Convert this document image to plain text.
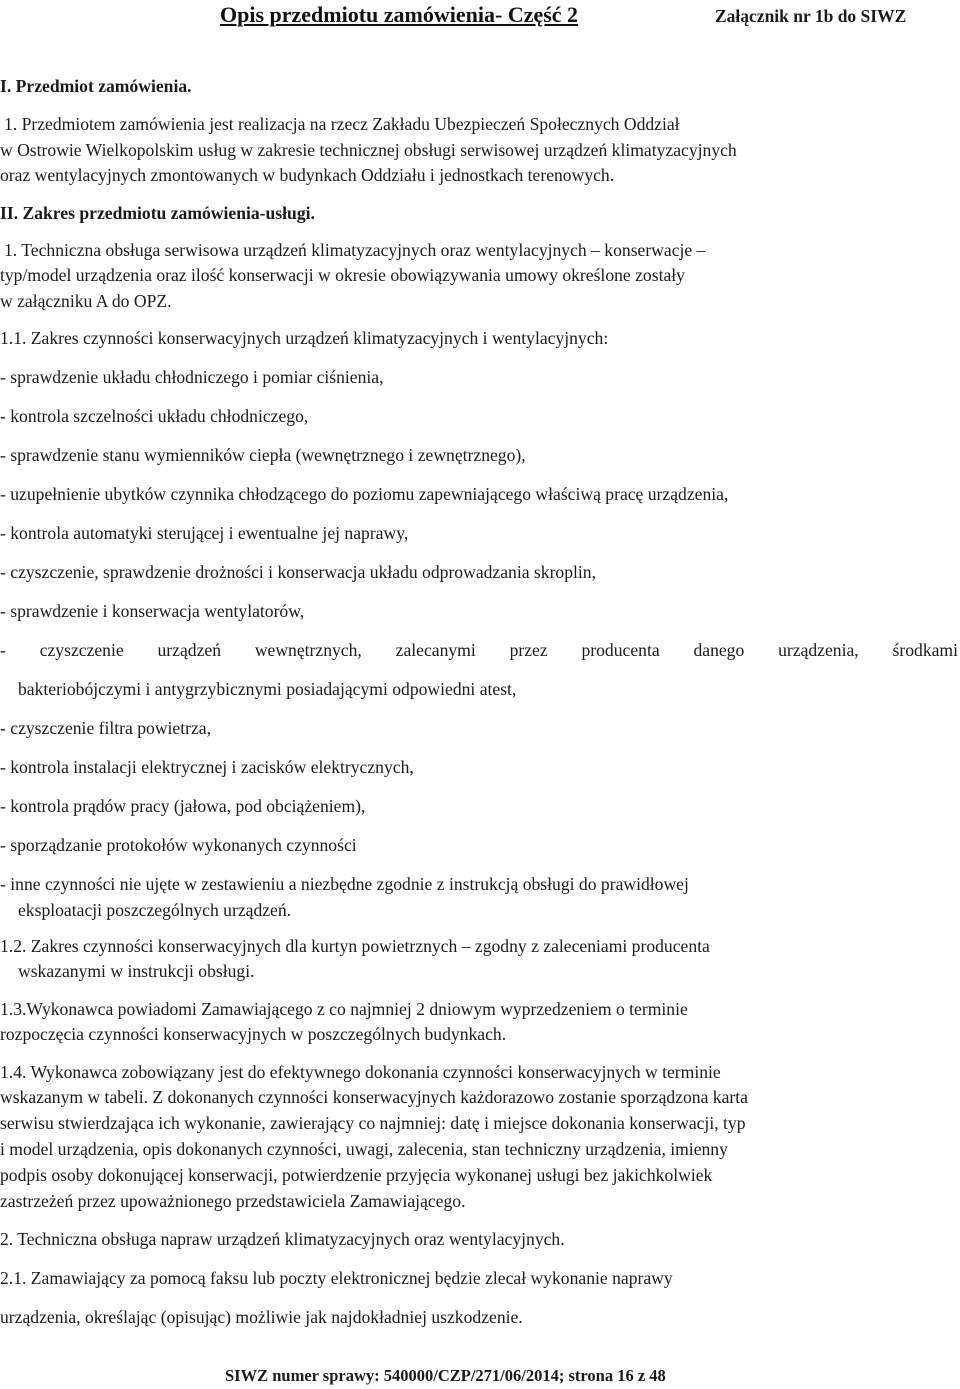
Opis przedmiotu zamówienia- Część 2	Załącznik nr 1b do SIWZ
I. Przedmiot zamówienia.
1. Przedmiotem zamówienia jest realizacja na rzecz Zakładu Ubezpieczeń Społecznych Oddział
w Ostrowie Wielkopolskim usług w zakresie technicznej obsługi serwisowej urządzeń klimatyzacyjnych
oraz wentylacyjnych zmontowanych w budynkach Oddziału i jednostkach terenowych.
II. Zakres przedmiotu zamówienia-usługi.
1. Techniczna obsługa serwisowa urządzeń klimatyzacyjnych oraz wentylacyjnych – konserwacje –
typ/model urządzenia oraz ilość konserwacji w okresie obowiązywania umowy określone zostały
w załączniku A do OPZ.
1.1. Zakres czynności konserwacyjnych urządzeń klimatyzacyjnych i wentylacyjnych:
- sprawdzenie układu chłodniczego i pomiar ciśnienia,
- kontrola szczelności układu chłodniczego,
- sprawdzenie stanu wymienników ciepła (wewnętrznego i zewnętrznego),
- uzupełnienie ubytków czynnika chłodzącego do poziomu zapewniającego właściwą pracę urządzenia,
- kontrola automatyki sterującej i ewentualne jej naprawy,
- czyszczenie, sprawdzenie drożności i konserwacja układu odprowadzania skroplin,
- sprawdzenie i konserwacja wentylatorów,
- czyszczenie urządzeń wewnętrznych, zalecanymi przez producenta danego urządzenia, środkami
bakteriobójczymi i antygrzybicznymi posiadającymi odpowiedni atest,
- czyszczenie filtra powietrza,
- kontrola instalacji elektrycznej i zacisków elektrycznych,
- kontrola prądów pracy (jałowa, pod obciążeniem),
- sporządzanie protokołów wykonanych czynności
- inne czynności nie ujęte w zestawieniu a niezbędne zgodnie z instrukcją obsługi do prawidłowej
eksploatacji poszczególnych urządzeń.
1.2. Zakres czynności konserwacyjnych dla kurtyn powietrznych – zgodny z zaleceniami producenta
wskazanymi w instrukcji obsługi.
1.3.Wykonawca powiadomi Zamawiającego z co najmniej 2 dniowym wyprzedzeniem o terminie
rozpoczęcia czynności konserwacyjnych w poszczególnych budynkach.
1.4. Wykonawca zobowiązany jest do efektywnego dokonania czynności konserwacyjnych w terminie
wskazanym w tabeli. Z dokonanych czynności konserwacyjnych każdorazowo zostanie sporządzona karta
serwisu stwierdzająca ich wykonanie, zawierający co najmniej: datę i miejsce dokonania konserwacji, typ
i model urządzenia, opis dokonanych czynności, uwagi, zalecenia, stan techniczny urządzenia, imienny
podpis osoby dokonującej konserwacji, potwierdzenie przyjęcia wykonanej usługi bez jakichkolwiek
zastrzeżeń przez upoważnionego przedstawiciela Zamawiającego.
2. Techniczna obsługa napraw urządzeń klimatyzacyjnych oraz wentylacyjnych.
2.1. Zamawiający za pomocą faksu lub poczty elektronicznej będzie zlecał wykonanie naprawy
urządzenia, określając (opisując) możliwie jak najdokładniej uszkodzenie.
SIWZ numer sprawy: 540000/CZP/271/06/2014; strona 16 z 48
